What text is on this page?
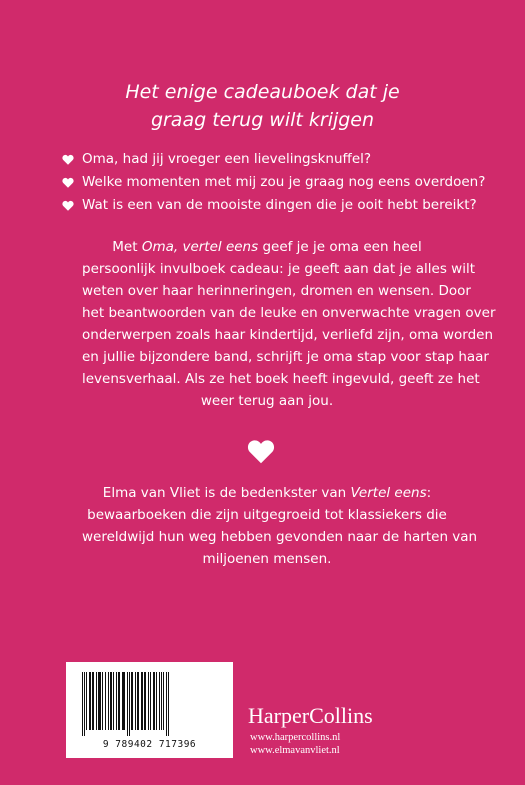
Het enige cadeauboek dat je
graag terug wilt krijgen
Oma, had jij vroeger een lievelingsknuffel?
Welke momenten met mij zou je graag nog eens overdoen?
Wat is een van de mooiste dingen die je ooit hebt bereikt?
Met Oma, vertel eens geef je je oma een heel
persoonlijk invulboek cadeau: je geeft aan dat je alles wilt
weten over haar herinneringen, dromen en wensen. Door
het beantwoorden van de leuke en onverwachte vragen over
onderwerpen zoals haar kindertijd, verliefd zijn, oma worden
en jullie bijzondere band, schrijft je oma stap voor stap haar
levensverhaal. Als ze het boek heeft ingevuld, geeft ze het
weer terug aan jou.
Elma van Vliet is de bedenkster van Vertel eens:
bewaarboeken die zijn uitgegroeid tot klassiekers die
wereldwijd hun weg hebben gevonden naar de harten van
miljoenen mensen.
9 789402 717396
HarperCollins
www.harpercollins.nl
www.elmavanvliet.nl
